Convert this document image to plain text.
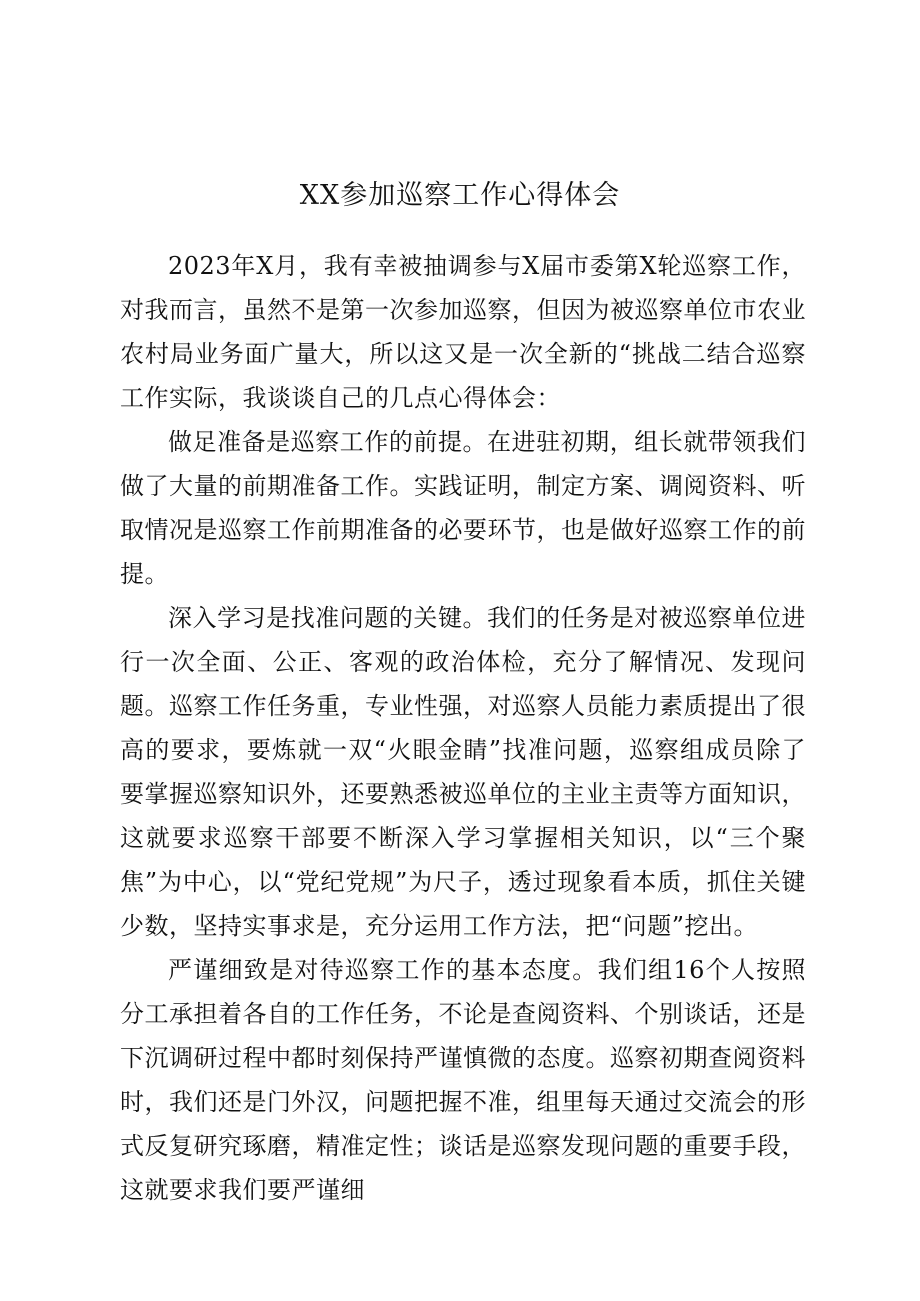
XX参加巡察工作心得体会

2023年X月，我有幸被抽调参与X届市委第X轮巡察工作，对我而言，虽然不是第一次参加巡察，但因为被巡察单位市农业农村局业务面广量大，所以这又是一次全新的“挑战二结合巡察工作实际，我谈谈自己的几点心得体会：

做足准备是巡察工作的前提。在进驻初期，组长就带领我们做了大量的前期准备工作。实践证明，制定方案、调阅资料、听取情况是巡察工作前期准备的必要环节，也是做好巡察工作的前提。

深入学习是找准问题的关键。我们的任务是对被巡察单位进行一次全面、公正、客观的政治体检，充分了解情况、发现问题。巡察工作任务重，专业性强，对巡察人员能力素质提出了很高的要求，要炼就一双“火眼金睛”找准问题，巡察组成员除了要掌握巡察知识外，还要熟悉被巡单位的主业主责等方面知识，这就要求巡察干部要不断深入学习掌握相关知识，以“三个聚焦”为中心，以“党纪党规”为尺子，透过现象看本质，抓住关键少数，坚持实事求是，充分运用工作方法，把“问题”挖出。

严谨细致是对待巡察工作的基本态度。我们组16个人按照分工承担着各自的工作任务，不论是查阅资料、个别谈话，还是下沉调研过程中都时刻保持严谨慎微的态度。巡察初期查阅资料时，我们还是门外汉，问题把握不准，组里每天通过交流会的形式反复研究琢磨，精准定性；谈话是巡察发现问题的重要手段，这就要求我们要严谨细
